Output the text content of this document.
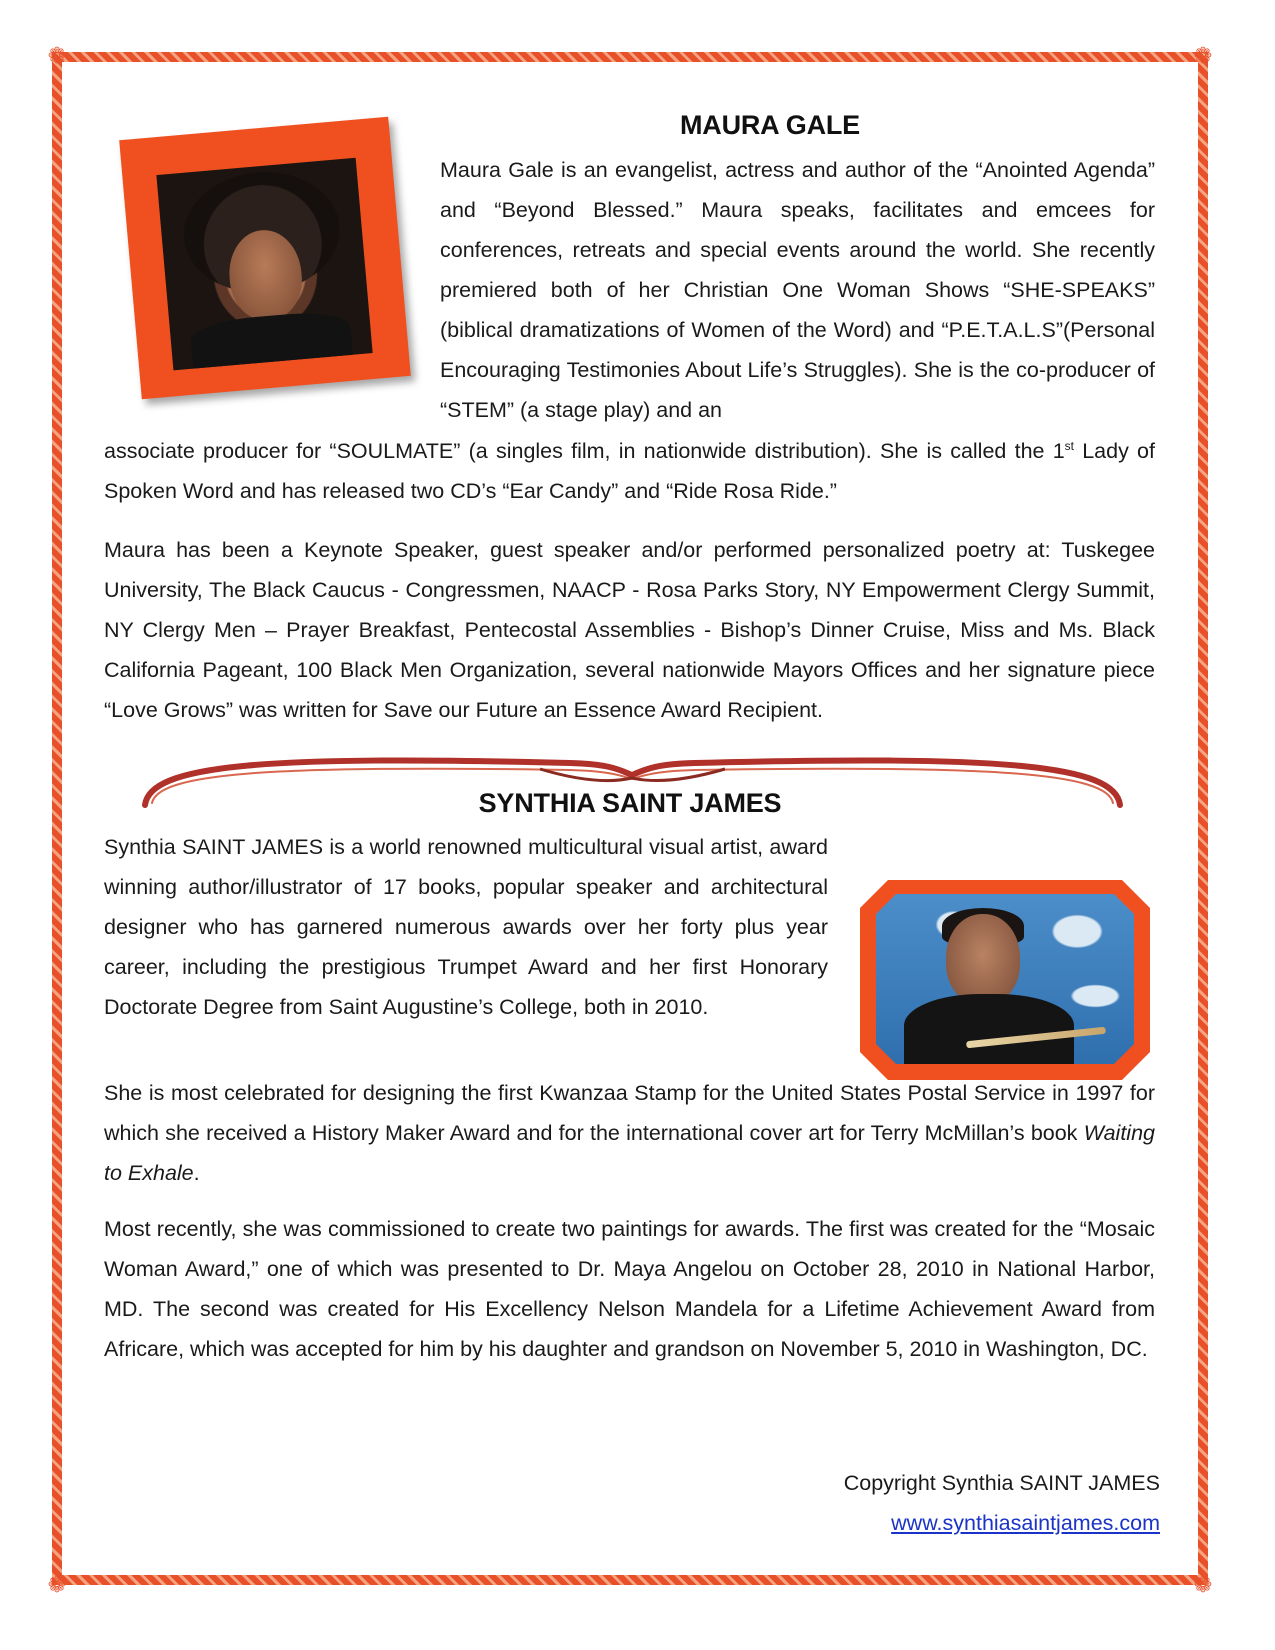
❁	❁
❁	❁
MAURA GALE

Maura Gale is an evangelist, actress and author of the “Anointed Agenda” and “Beyond Blessed.” Maura speaks, facilitates and emcees for conferences, retreats and special events around the world. She recently premiered both of her Christian One Woman Shows “SHE-SPEAKS” (biblical dramatizations of Women of the Word) and “P.E.T.A.L.S”(Personal Encouraging Testimonies About Life’s Struggles). She is the co-producer of “STEM” (a stage play) and an

associate producer for “SOULMATE” (a singles film, in nationwide distribution). She is called the 1st Lady of Spoken Word and has released two CD’s “Ear Candy” and “Ride Rosa Ride.”

Maura has been a Keynote Speaker, guest speaker and/or performed personalized poetry at: Tuskegee University, The Black Caucus - Congressmen, NAACP - Rosa Parks Story, NY Empowerment Clergy Summit, NY Clergy Men – Prayer Breakfast, Pentecostal Assemblies - Bishop’s Dinner Cruise, Miss and Ms. Black California Pageant, 100 Black Men Organization, several nationwide Mayors Offices and her signature piece “Love Grows” was written for Save our Future an Essence Award Recipient.

SYNTHIA SAINT JAMES

Synthia SAINT JAMES is a world renowned multicultural visual artist, award winning author/illustrator of 17 books, popular speaker and architectural designer who has garnered numerous awards over her forty plus year career, including the prestigious Trumpet Award and her first Honorary Doctorate Degree from Saint Augustine’s College, both in 2010.

She is most celebrated for designing the first Kwanzaa Stamp for the United States Postal Service in 1997 for which she received a History Maker Award and for the international cover art for Terry McMillan’s book Waiting to Exhale.

Most recently, she was commissioned to create two paintings for awards. The first was created for the “Mosaic Woman Award,” one of which was presented to Dr. Maya Angelou on October 28, 2010 in National Harbor, MD. The second was created for His Excellency Nelson Mandela for a Lifetime Achievement Award from Africare, which was accepted for him by his daughter and grandson on November 5, 2010 in Washington, DC.

Copyright Synthia SAINT JAMES
www.synthiasaintjames.com
